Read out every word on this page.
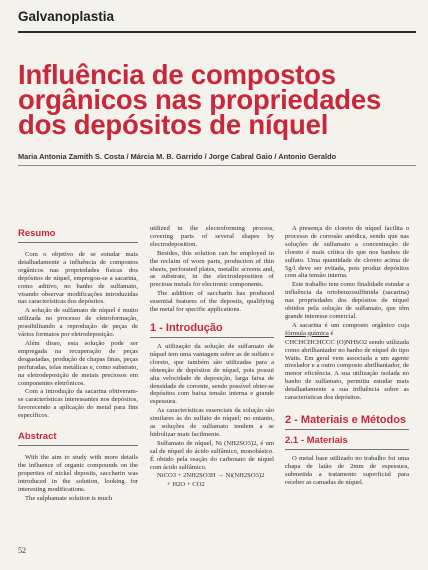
Galvanoplastia
Influência de compostos
orgânicos nas propriedades
dos depósitos de níquel
Maria Antonia Zamith S. Costa / Márcia M. B. Garrido / Jorge Cabral Gaio / Antonio Geraldo
Resumo

Com o objetivo de se estudar mais detalhadamente a influência de compostos orgânicos nas propriedades físicas dos depósitos de níquel, empregou-se a sacarina, como aditivo, no banho de sulfamato, visando observar modificações introduzidas nas características dos depósitos.

A solução de sulfamato de níquel é muito utilizada no processo de eletroformação, possibilitando a reprodução de peças de vários formatos por eletrodeposição.

Além disso, esta solução pode ser empregada na recuperação de peças desgastadas, produção de chapas finas, peças perfuradas, telas metálicas e, como substrato, na eletrodeposição de metais preciosos em componentes eletrônicos.

Com a introdução da sacarina obtiveram-se características interessantes nos depósitos, favorecendo a aplicação do metal para fins específicos.

Abstract

With the aim to study with more details the influence of organic compounds on the properties of nickel deposits, saccharin was introduced in the solution, looking for interesting modifications.

The sulphamate solution is much

utilized in the electroforming process, covering parts of several shapes by electrodeposition.

Besides, this solution can be employed in the reclaim of worn parts, production of thin sheets, perforated plates, metallic screens and, as substrate, in the electrodeposition of precious metals for electronic components.

The addition of saccharin has produced essential features of the deposits, qualifying the metal for specific applications.

1 - Introdução

A utilização da solução de sulfamato de níquel tem uma vantagem sobre as de sulfato e cloreto, que também são utilizadas para a obtenção de depósitos de níquel, pois possui alta velocidade de deposição, larga faixa de densidade de corrente, sendo possível obter-se depósitos com baixa tensão interna e grande espessura.

As características essenciais da solução são similares às do sulfato de níquel; no entanto, as soluções de sulfamato tendem a se hidrolizar mais facilmente.

Sulfamato de níquel, Ni (NH2SO3)2, é um sal de níquel do ácido sulfâmico, monobásico. É obtido pela reação do carbonato de níquel com ácido sulfâmico.

NiCO3 + 2NH2SO3H → Ni(NH2SO3)2

+ H2O + CO2

A presença do cloreto de níquel facilita o processo de corrosão anódica, sendo que nas soluções de sulfamato a concentração de cloreto é mais crítica do que nos banhos de sulfato. Uma quantidade de cloreto acima de 5g/l deve ser evitada, pois produz depósitos com alta tensão interna.

Este trabalho tem como finalidade estudar a influência da ortobenzosulfimida (sacarina) nas propriedades dos depósitos de níquel obtidos pela solução de sulfamato, que têm grande interesse comercial.

A sacarina é um composto orgânico cuja fórmula química é

CHCHCHCHCCC (O)NHSO2 sendo utilizada como abrilhantador no banho de níquel do tipo Watts. Em geral vem associada a um agente nivelador e a outro composto abrilhantador, de menor eficiência. A sua utilização isolada no banho de sulfamato, permitiu estudar mais detalhadamente a sua influência sobre as características dos depósitos.

2 - Materiais e Métodos
2.1 - Materiais

O metal base utilizado no trabalho foi uma chapa de latão de 2mm de espessura, submetida a tratamento superficial para receber as camadas de níquel.

52
